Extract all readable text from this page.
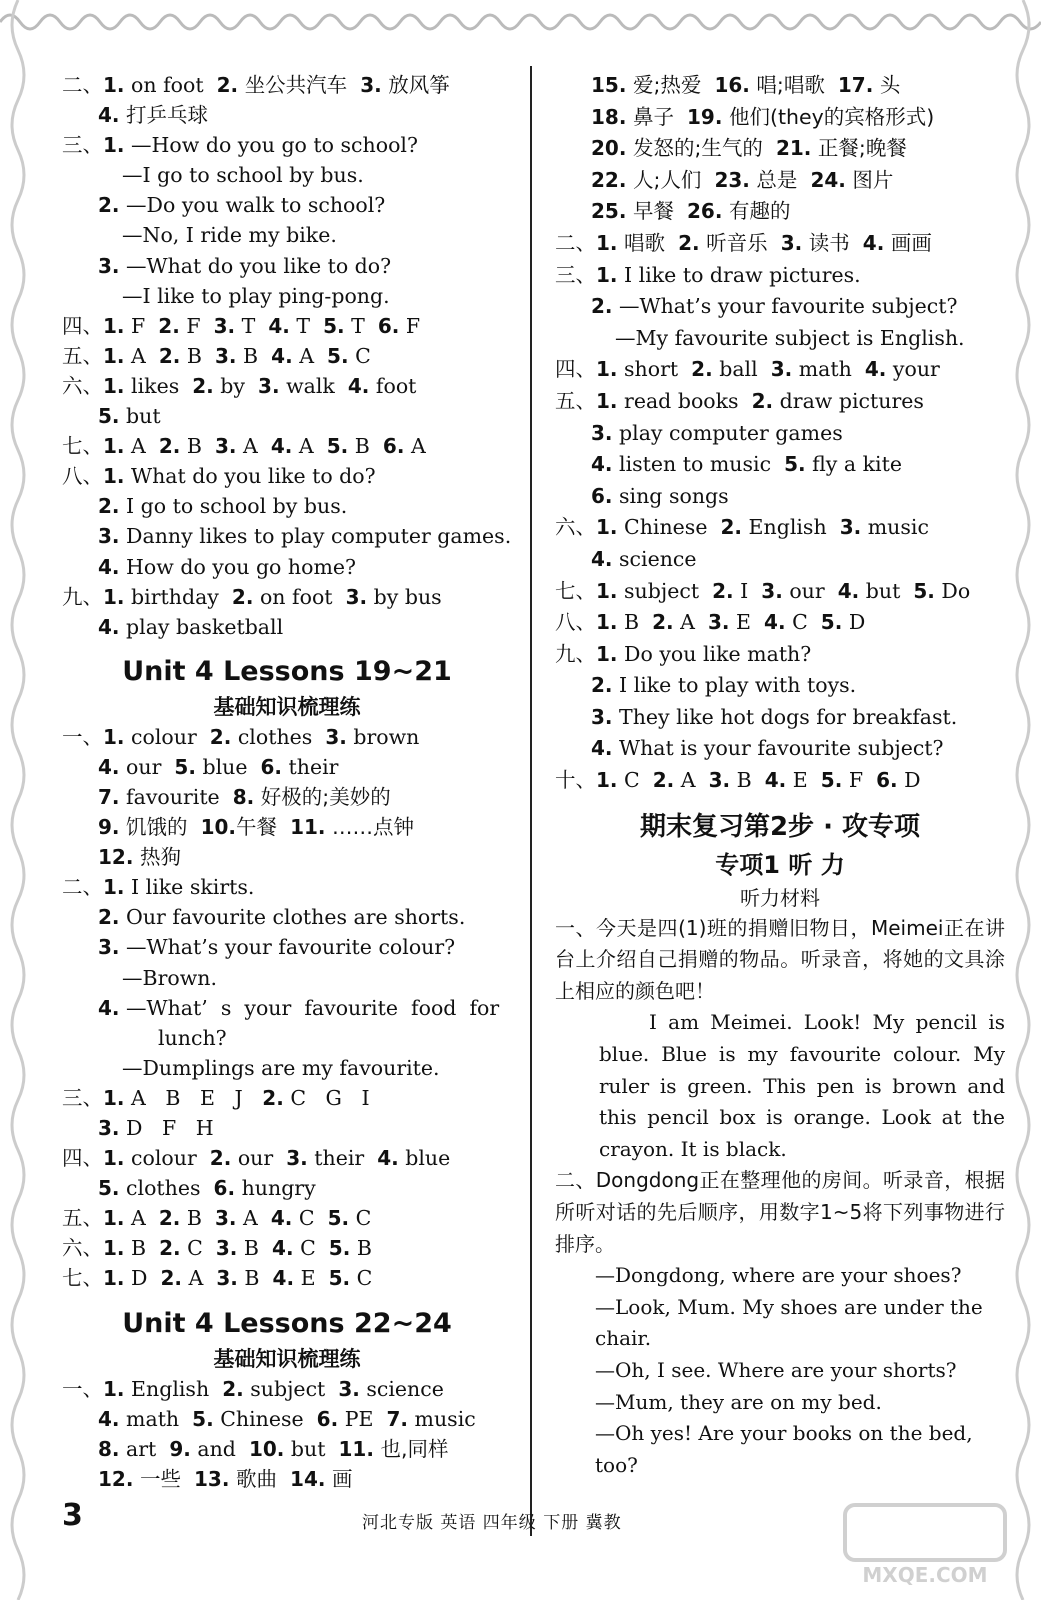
二、1. on foot  2. 坐公共汽车 3. 放风筝
4. 打乒乓球
三、1. —How do you go to school?
—I go to school by bus.
2. —Do you walk to school?
—No, I ride my bike.
3. —What do you like to do?
—I like to play ping-pong.
四、1. F  2. F  3. T  4. T  5. T  6. F
五、1. A  2. B  3. B  4. A  5. C
六、1. likes  2. by  3. walk  4. foot
5. but
七、1. A  2. B  3. A  4. A  5. B  6. A
八、1. What do you like to do?
2. I go to school by bus.
3. Danny likes to play computer games.
4. How do you go home?
九、1. birthday  2. on foot  3. by bus
4. play basketball
Unit 4 Lessons 19~21
基础知识梳理练
一、1. colour  2. clothes  3. brown
4. our  5. blue  6. their
7. favourite  8. 好极的;美妙的
9. 饥饿的 10.午餐 11. ……点钟
12. 热狗
二、1. I like skirts.
2. Our favourite clothes are shorts.
3. —What’s your favourite colour?
—Brown.
4. —What’  s  your  favourite  food  for
lunch?
—Dumplings are my favourite.
三、1. A   B   E   J   2. C   G   I
3. D   F   H
四、1. colour  2. our  3. their  4. blue
5. clothes  6. hungry
五、1. A  2. B  3. A  4. C  5. C
六、1. B  2. C  3. B  4. C  5. B
七、1. D  2. A  3. B  4. E  5. C
Unit 4 Lessons 22~24
基础知识梳理练
一、1. English  2. subject  3. science
4. math  5. Chinese  6. PE  7. music
8. art  9. and  10. but  11. 也,同样
12. 一些 13. 歌曲 14. 画
15. 爱;热爱 16. 唱;唱歌 17. 头
18. 鼻子 19. 他们(they的宾格形式)
20. 发怒的;生气的 21. 正餐;晚餐
22. 人;人们 23. 总是 24. 图片
25. 早餐 26. 有趣的
二、1. 唱歌 2. 听音乐 3. 读书 4. 画画
三、1. I like to draw pictures.
2. —What’s your favourite subject?
—My favourite subject is English.
四、1. short  2. ball  3. math  4. your
五、1. read books  2. draw pictures
3. play computer games
4. listen to music  5. fly a kite
6. sing songs
六、1. Chinese  2. English  3. music
4. science
七、1. subject  2. I  3. our  4. but  5. Do
八、1. B  2. A  3. E  4. C  5. D
九、1. Do you like math?
2. I like to play with toys.
3. They like hot dogs for breakfast.
4. What is your favourite subject?
十、1. C  2. A  3. B  4. E  5. F  6. D
期末复习第2步 · 攻专项
专项1 听 力
听力材料
一、今天是四(1)班的捐赠旧物日，Meimei正在讲台上介绍自己捐赠的物品。听录音，将她的文具涂上相应的颜色吧！
I am Meimei. Look! My pencil is blue. Blue is my favourite colour. My ruler is green. This pen is brown and this pencil box is orange. Look at the crayon. It is black.
二、Dongdong正在整理他的房间。听录音，根据所听对话的先后顺序，用数字1~5将下列事物进行排序。
—Dongdong, where are your shoes?
—Look, Mum. My shoes are under the chair.
—Oh, I see. Where are your shorts?
—Mum, they are on my bed.
—Oh yes! Are your books on the bed, too?
3	河北专版 英语 四年级 下册 冀教
MXQE.COM
